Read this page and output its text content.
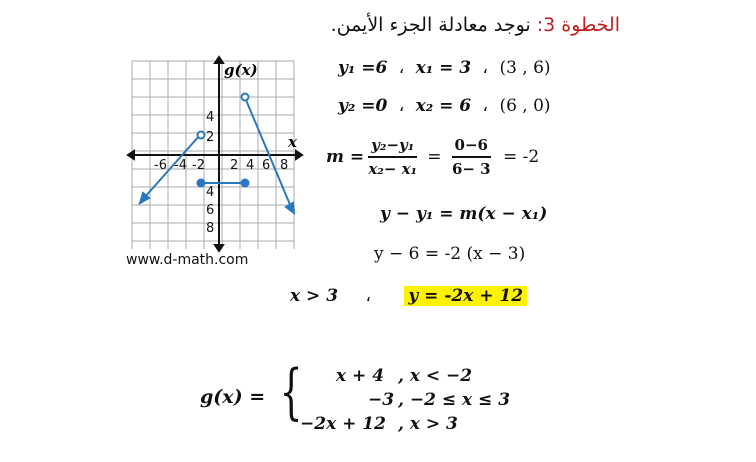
الخطوة 3: نوجد معادلة الجزء الأيمن.
g(x)
x
-6 -4 -2 2 4 6 8
4
2
4
6
8
www.d-math.com
y₁ =6 ، x₁ = 3 ، (3 , 6)
y₂ =0 ، x₂ = 6 ، (6 , 0)
$m = \frac{\text{y₂−y₁}}{\text{x₂− x₁}} = \frac{0-6}{6- 3} = -2$
y − y₁ = m(x − x₁)
y − 6 = -2 (x − 3)
x > 3 ، y = -2x + 12
g(x) = { x + 4 , x < −2
−3 , −2 ≤ x ≤ 3
−2x + 12 , x > 3
